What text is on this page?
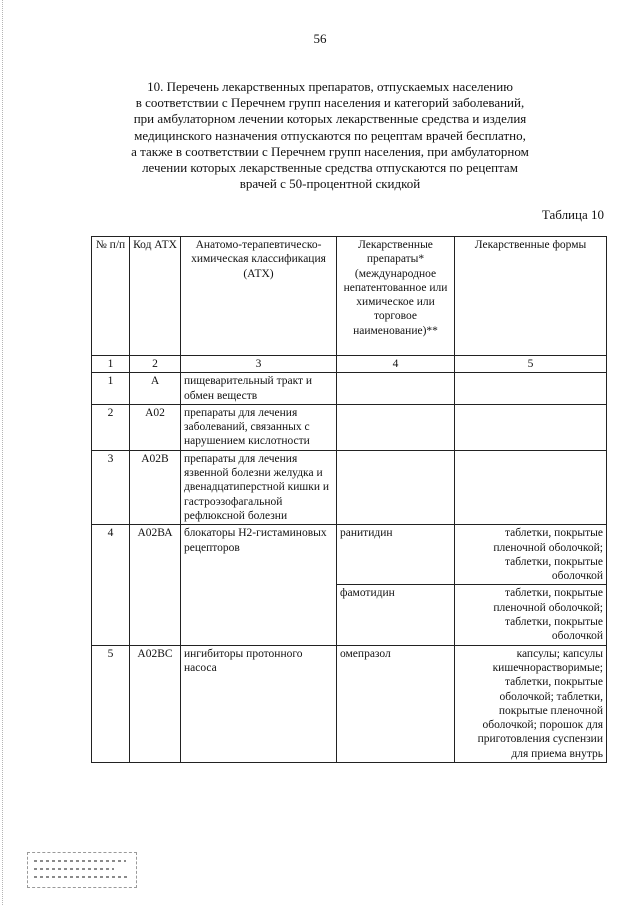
56
10. Перечень лекарственных препаратов, отпускаемых населению
в соответствии с Перечнем групп населения и категорий заболеваний,
при амбулаторном лечении которых лекарственные средства и изделия
медицинского назначения отпускаются по рецептам врачей бесплатно,
а также в соответствии с Перечнем групп населения, при амбулаторном
лечении которых лекарственные средства отпускаются по рецептам
врачей с 50-процентной скидкой
Таблица 10
№ п/п	Код АТХ	Анатомо-терапевтическо-химическая классификация (АТХ)	Лекарственные препараты* (международное непатентованное или химическое или торговое наименование)**	Лекарственные формы
1	2	3	4	5
1	А	пищеварительный тракт и обмен веществ		
2	А02	препараты для лечения заболеваний, связанных с нарушением кислотности		
3	А02В	препараты для лечения язвенной болезни желудка и двенадцатиперстной кишки и гастроэзофагальной рефлюксной болезни		
4	А02ВА	блокаторы Н2-гистаминовых рецепторов	ранитидин	таблетки, покрытые пленочной оболочкой; таблетки, покрытые оболочкой
			фамотидин	таблетки, покрытые пленочной оболочкой; таблетки, покрытые оболочкой
5	А02ВС	ингибиторы протонного насоса	омепразол	капсулы; капсулы кишечнорастворимые; таблетки, покрытые оболочкой; таблетки, покрытые пленочной оболочкой; порошок для приготовления суспензии для приема внутрь
